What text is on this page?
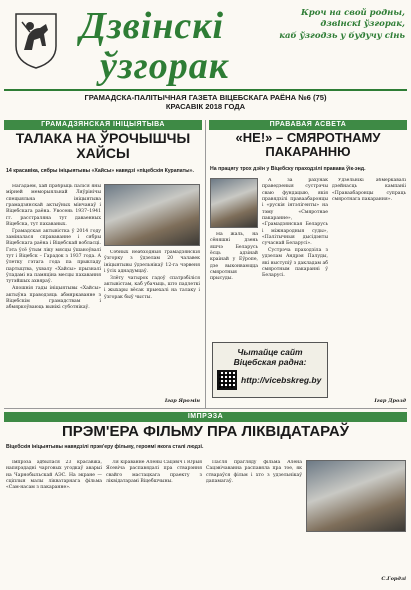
Дзвінскі
ўзгорак
Кроч на свой родны,
дзвінскі ўзгорак,
каб ўзгодзь у будучу сінь
ГРАМАДСКА-ПАЛІТЫЧНАЯ ГАЗЕТА ВІЦЕБСКАГА РАЁНА №6 (75)
КРАСАВІК 2018 ГОДА
ГРАМАДЗЯНСКАЯ ІНІЦЫЯТЫВА
ТАЛАКА НА ЎРОЧЫШЧЫ ХАЙСЫ
14 красавіка, сябры ініцыятывы «Хайсы» навядзі «піцебскія Курапаты».

Нагадаем, хай прабрыць паліся яны мірней меморыяльнай Ляўрінічы спецыяльна ініцыятыва грамадзянскай актыўных мінчанаў і Віцебскага раёна. Увосень 1937–1941 гг. расстраляна тут даваенных Віцебска, тут пахаваных.

Грамадская актывістка ў 2014 году заміналася справаванне і сябры Віцебскага раёна і Віцебскай вобласці. Гэта ўсё ўтым ліку мясцы ўшаноўвалі тут і Віцебск – Гарадок з 1937 года. А ўлетку гэтага года па прыкладу партыцтва, ухвалу «Хайсы» прызналі ўладамі на памяціна месцы пахавання тутэйшых ахвяраў.

Апошнія гады ініцыятывы «Хайсы» актыўна праводзяць абмяркаванне з Віцебскім грамадствам і абмяркоўваюць вынікі суботнікаў.

Собных неабходныя грамадзянскія ўзгорку з ўдзелам 20 чалавек ініцыятывы ўдзельнікаў 12-га чэрвеня і ўсіх аднадумцаў.

Злёту чатырох гадоў спатрэбіліся актывістам, каб убачыць, што падлеткі і жыхары вёсак прыехалі на талаку і ўзгорак быў чысты.

Ігар Яромін
ПРАВАВАЯ АСВЕТА
«НЕ!» – СМЯРОТНАМУ ПАКАРАННЮ
На працягу трох дзён у Віцебску праходзілі правава ўік-энд.

А за рахунак праведзеныя сустрэчы сваю фундацыю, якія правядзілі праваабаронцы і «рускія інтэлігенты» на тэму «Смяротнае пакаранне», «Грамадзянская Беларусь і міжнародныя суды», «Палітычныя дысідэнты сучаснай Беларусі».

Сустрэча праходзіла з удзелам Андрэя Палуды, які выступіў з дакладам аб смяротным пакаранні ў Беларусі.

На жаль, на сёняшні дзень яшчэ Беларусь ёсць адзінай краінай у Еўропе, дзе выконваюцца смяротныя прысуды.

Удзельнікі абмеркавалі дзейнасць кампаніі «Праваабаронцы супраць смяротнага пакарання».

Ігар Дрозд
Чытайце сайт
Віцебская радна:
http://vicebskreg.by
ІМПРЭЗА
ПРЭМ'ЕРА ФІЛЬМУ ПРА ЛІКВІДАТАРАЎ
Віцебскія ініцыятывы навядзілі прэм'еру фільму, героямі якога сталі людзі.

Імпрэза адбылася 23 красавіка, напярэдадні чарговых угодкаў аварыі на Чарнобыльскай АЭС. На экране — сціплыя малы лікватарнага фільма «Сам-насам з пакаранне».

Ля кіраванне Алены Сацэвіч і Юрыя Ясевіча распавядалі пра стварэння свайго мастацкага праекту з ліквідатарамі Віцебшчыны.

Пасля прагляду фільма Алена Сацэвічаванна распавяла пра тое, як ствараўся фільм і хто з удзельнікаў дапамагаў.

С.Гордзі
